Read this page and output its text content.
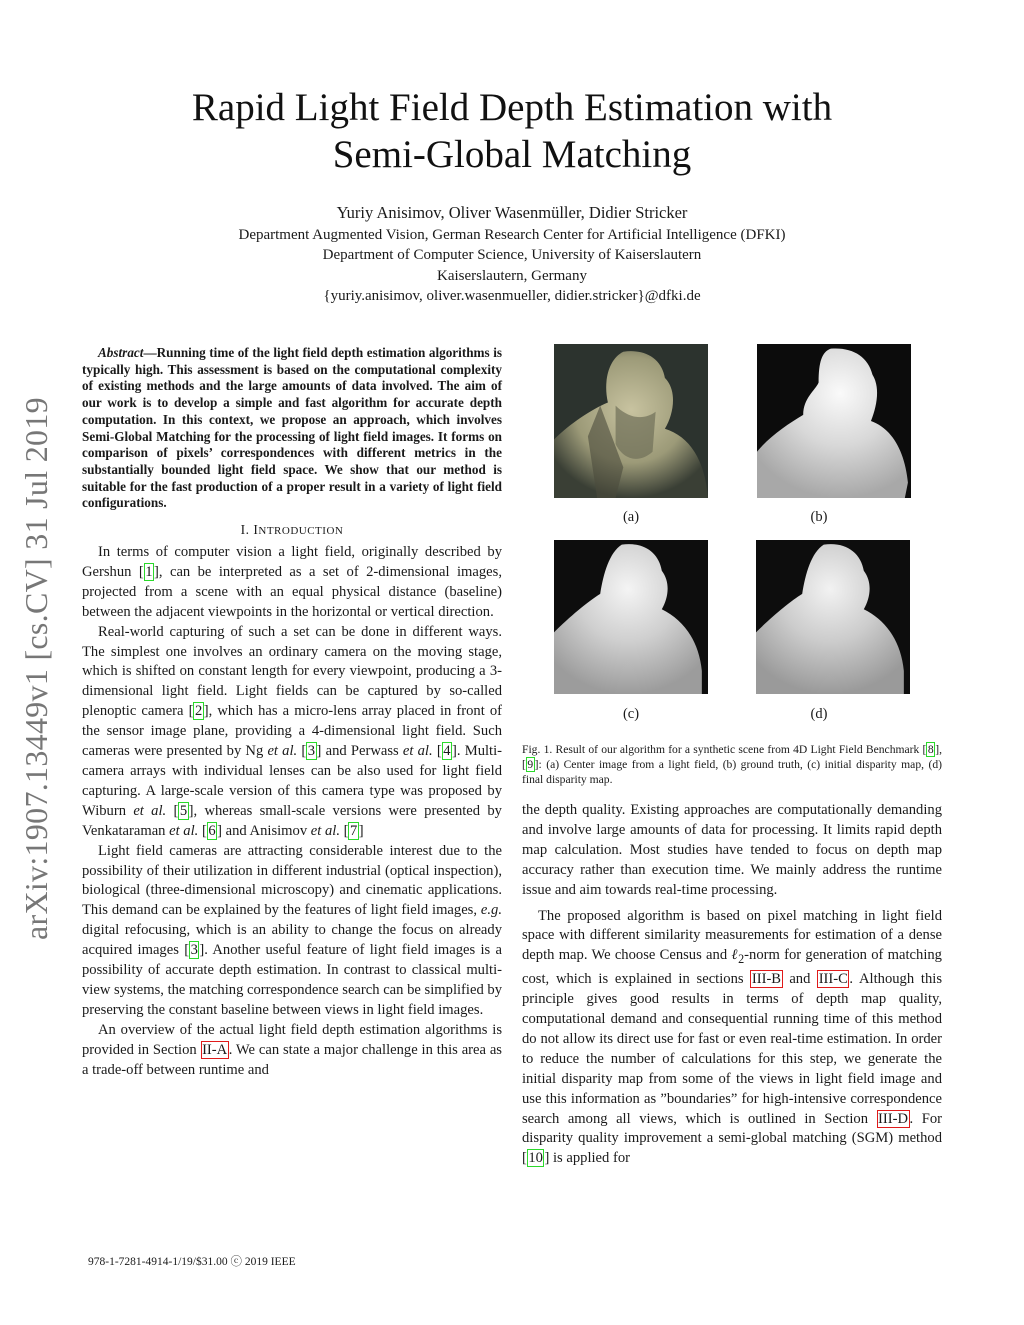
Rapid Light Field Depth Estimation with
Semi-Global Matching
Yuriy Anisimov, Oliver Wasenmüller, Didier Stricker
Department Augmented Vision, German Research Center for Artificial Intelligence (DFKI)
Department of Computer Science, University of Kaiserslautern
Kaiserslautern, Germany
{yuriy.anisimov, oliver.wasenmueller, didier.stricker}@dfki.de
arXiv:1907.13449v1 [cs.CV] 31 Jul 2019

Abstract—Running time of the light field depth estimation algorithms is typically high. This assessment is based on the computational complexity of existing methods and the large amounts of data involved. The aim of our work is to develop a simple and fast algorithm for accurate depth computation. In this context, we propose an approach, which involves Semi-Global Matching for the processing of light field images. It forms on comparison of pixels’ correspondences with different metrics in the substantially bounded light field space. We show that our method is suitable for the fast production of a proper result in a variety of light field configurations.

I. INTRODUCTION

In terms of computer vision a light field, originally described by Gershun [ 1 ], can be interpreted as a set of 2-dimensional images, projected from a scene with an equal physical distance (baseline) between the adjacent viewpoints in the horizontal or vertical direction.

Real-world capturing of such a set can be done in different ways. The simplest one involves an ordinary camera on the moving stage, which is shifted on constant length for every viewpoint, producing a 3-dimensional light field. Light fields can be captured by so-called plenoptic camera [ 2 ], which has a micro-lens array placed in front of the sensor image plane, providing a 4-dimensional light field. Such cameras were presented by Ng et al. [ 3 ] and Perwass et al. [ 4 ]. Multi-camera arrays with individual lenses can be also used for light field capturing. A large-scale version of this camera type was proposed by Wiburn et al. [ 5 ], whereas small-scale versions were presented by Venkataraman et al. [ 6 ] and Anisimov et al. [ 7 ]

Light field cameras are attracting considerable interest due to the possibility of their utilization in different industrial (optical inspection), biological (three-dimensional microscopy) and cinematic applications. This demand can be explained by the features of light field images, e.g. digital refocusing, which is an ability to change the focus on already acquired images [ 3 ]. Another useful feature of light field images is a possibility of accurate depth estimation. In contrast to classical multi-view systems, the matching correspondence search can be simplified by preserving the constant baseline between views in light field images.

An overview of the actual light field depth estimation algorithms is provided in Section II-A . We can state a major challenge in this area as a trade-off between runtime and

(a)	(b)
(c)	(d)
Fig. 1. Result of our algorithm for a synthetic scene from 4D Light Field Benchmark [ 8 ], [ 9 ]: (a) Center image from a light field, (b) ground truth, (c) initial disparity map, (d) final disparity map.

the depth quality. Existing approaches are computationally demanding and involve large amounts of data for processing. It limits rapid depth map calculation. Most studies have tended to focus on depth map accuracy rather than execution time. We mainly address the runtime issue and aim towards real-time processing.

The proposed algorithm is based on pixel matching in light field space with different similarity measurements for estimation of a dense depth map. We choose Census and ℓ$_2$-norm for generation of matching cost, which is explained in sections III-B and III-C . Although this principle gives good results in terms of depth map quality, computational demand and consequential running time of this method do not allow its direct use for fast or even real-time estimation. In order to reduce the number of calculations for this step, we generate the initial disparity map from some of the views in light field image and use this information as ”boundaries” for high-intensive correspondence search among all views, which is outlined in Section III-D . For disparity quality improvement a semi-global matching (SGM) method [ 10 ] is applied for

978-1-7281-4914-1/19/$31.00 ⓒ 2019 IEEE
